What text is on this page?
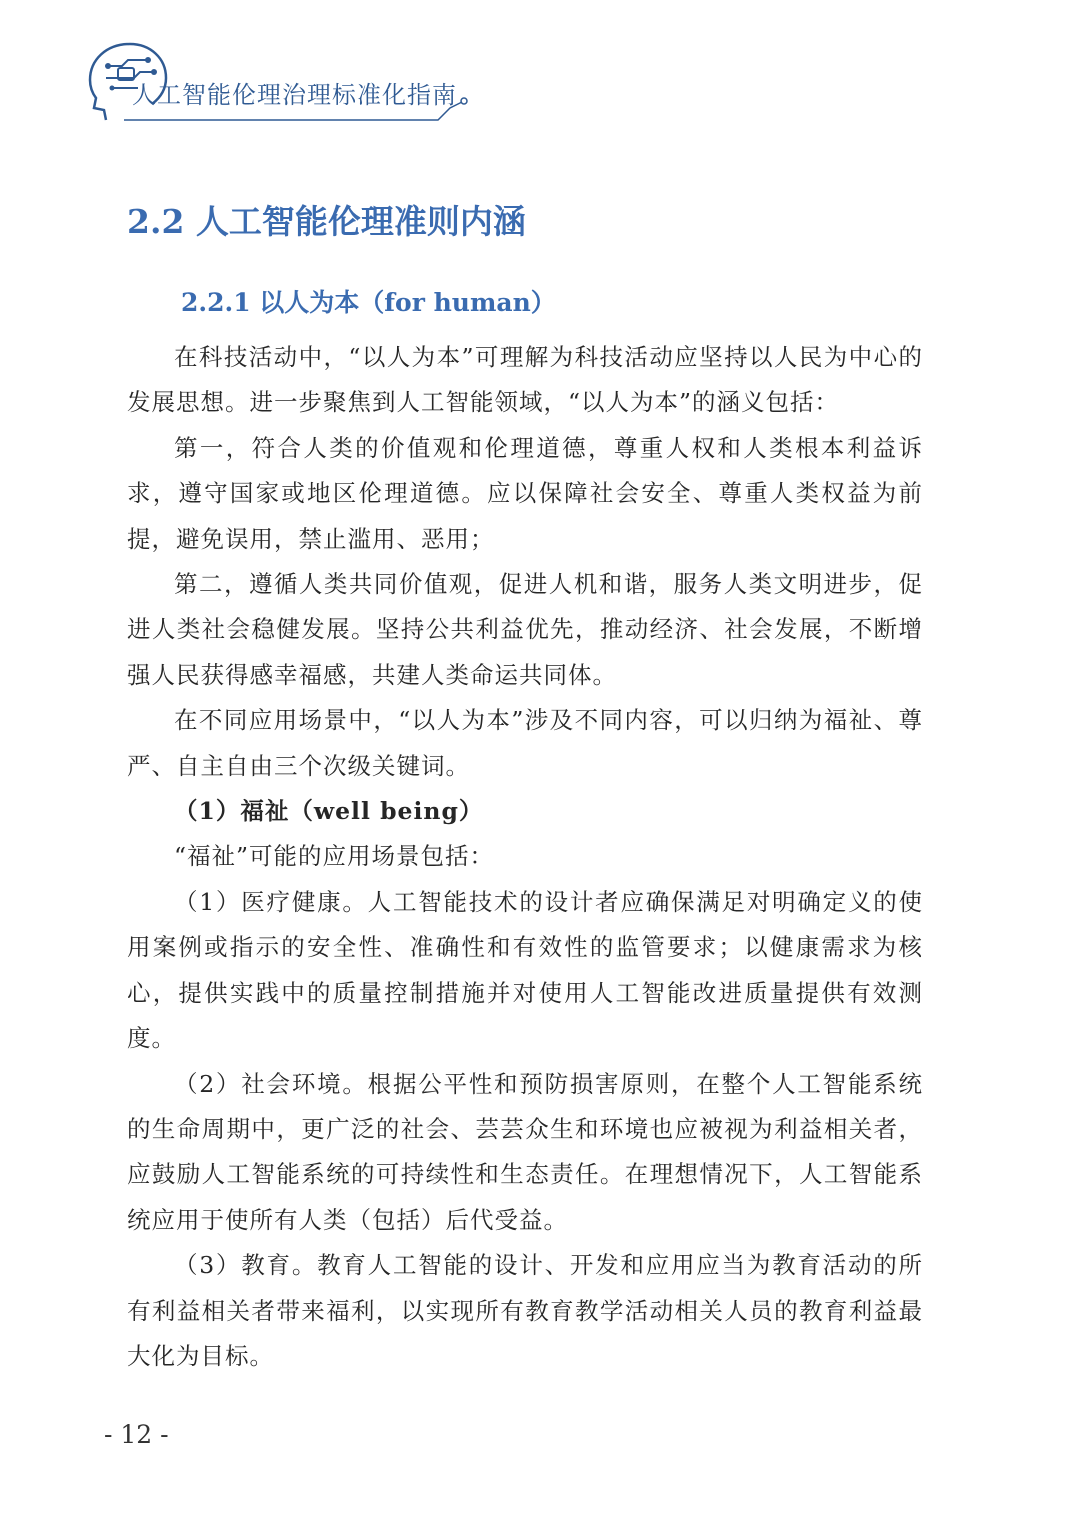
人工智能伦理治理标准化指南
2.2 人工智能伦理准则内涵
2.2.1 以人为本（for human）

在科技活动中，“以人为本”可理解为科技活动应坚持以人民为中心的发展思想。进一步聚焦到人工智能领域，“以人为本”的涵义包括：

第一，符合人类的价值观和伦理道德，尊重人权和人类根本利益诉求，遵守国家或地区伦理道德。应以保障社会安全、尊重人类权益为前提，避免误用，禁止滥用、恶用；

第二，遵循人类共同价值观，促进人机和谐，服务人类文明进步，促进人类社会稳健发展。坚持公共利益优先，推动经济、社会发展，不断增强人民获得感幸福感，共建人类命运共同体。

在不同应用场景中，“以人为本”涉及不同内容，可以归纳为福祉、尊严、自主自由三个次级关键词。

（1）福祉（well being）

“福祉”可能的应用场景包括：

（1）医疗健康。人工智能技术的设计者应确保满足对明确定义的使用案例或指示的安全性、准确性和有效性的监管要求；以健康需求为核心，提供实践中的质量控制措施并对使用人工智能改进质量提供有效测度。

（2）社会环境。根据公平性和预防损害原则，在整个人工智能系统的生命周期中，更广泛的社会、芸芸众生和环境也应被视为利益相关者，应鼓励人工智能系统的可持续性和生态责任。在理想情况下，人工智能系统应用于使所有人类（包括）后代受益。

（3）教育。教育人工智能的设计、开发和应用应当为教育活动的所有利益相关者带来福利，以实现所有教育教学活动相关人员的教育利益最大化为目标。

- 12 -
